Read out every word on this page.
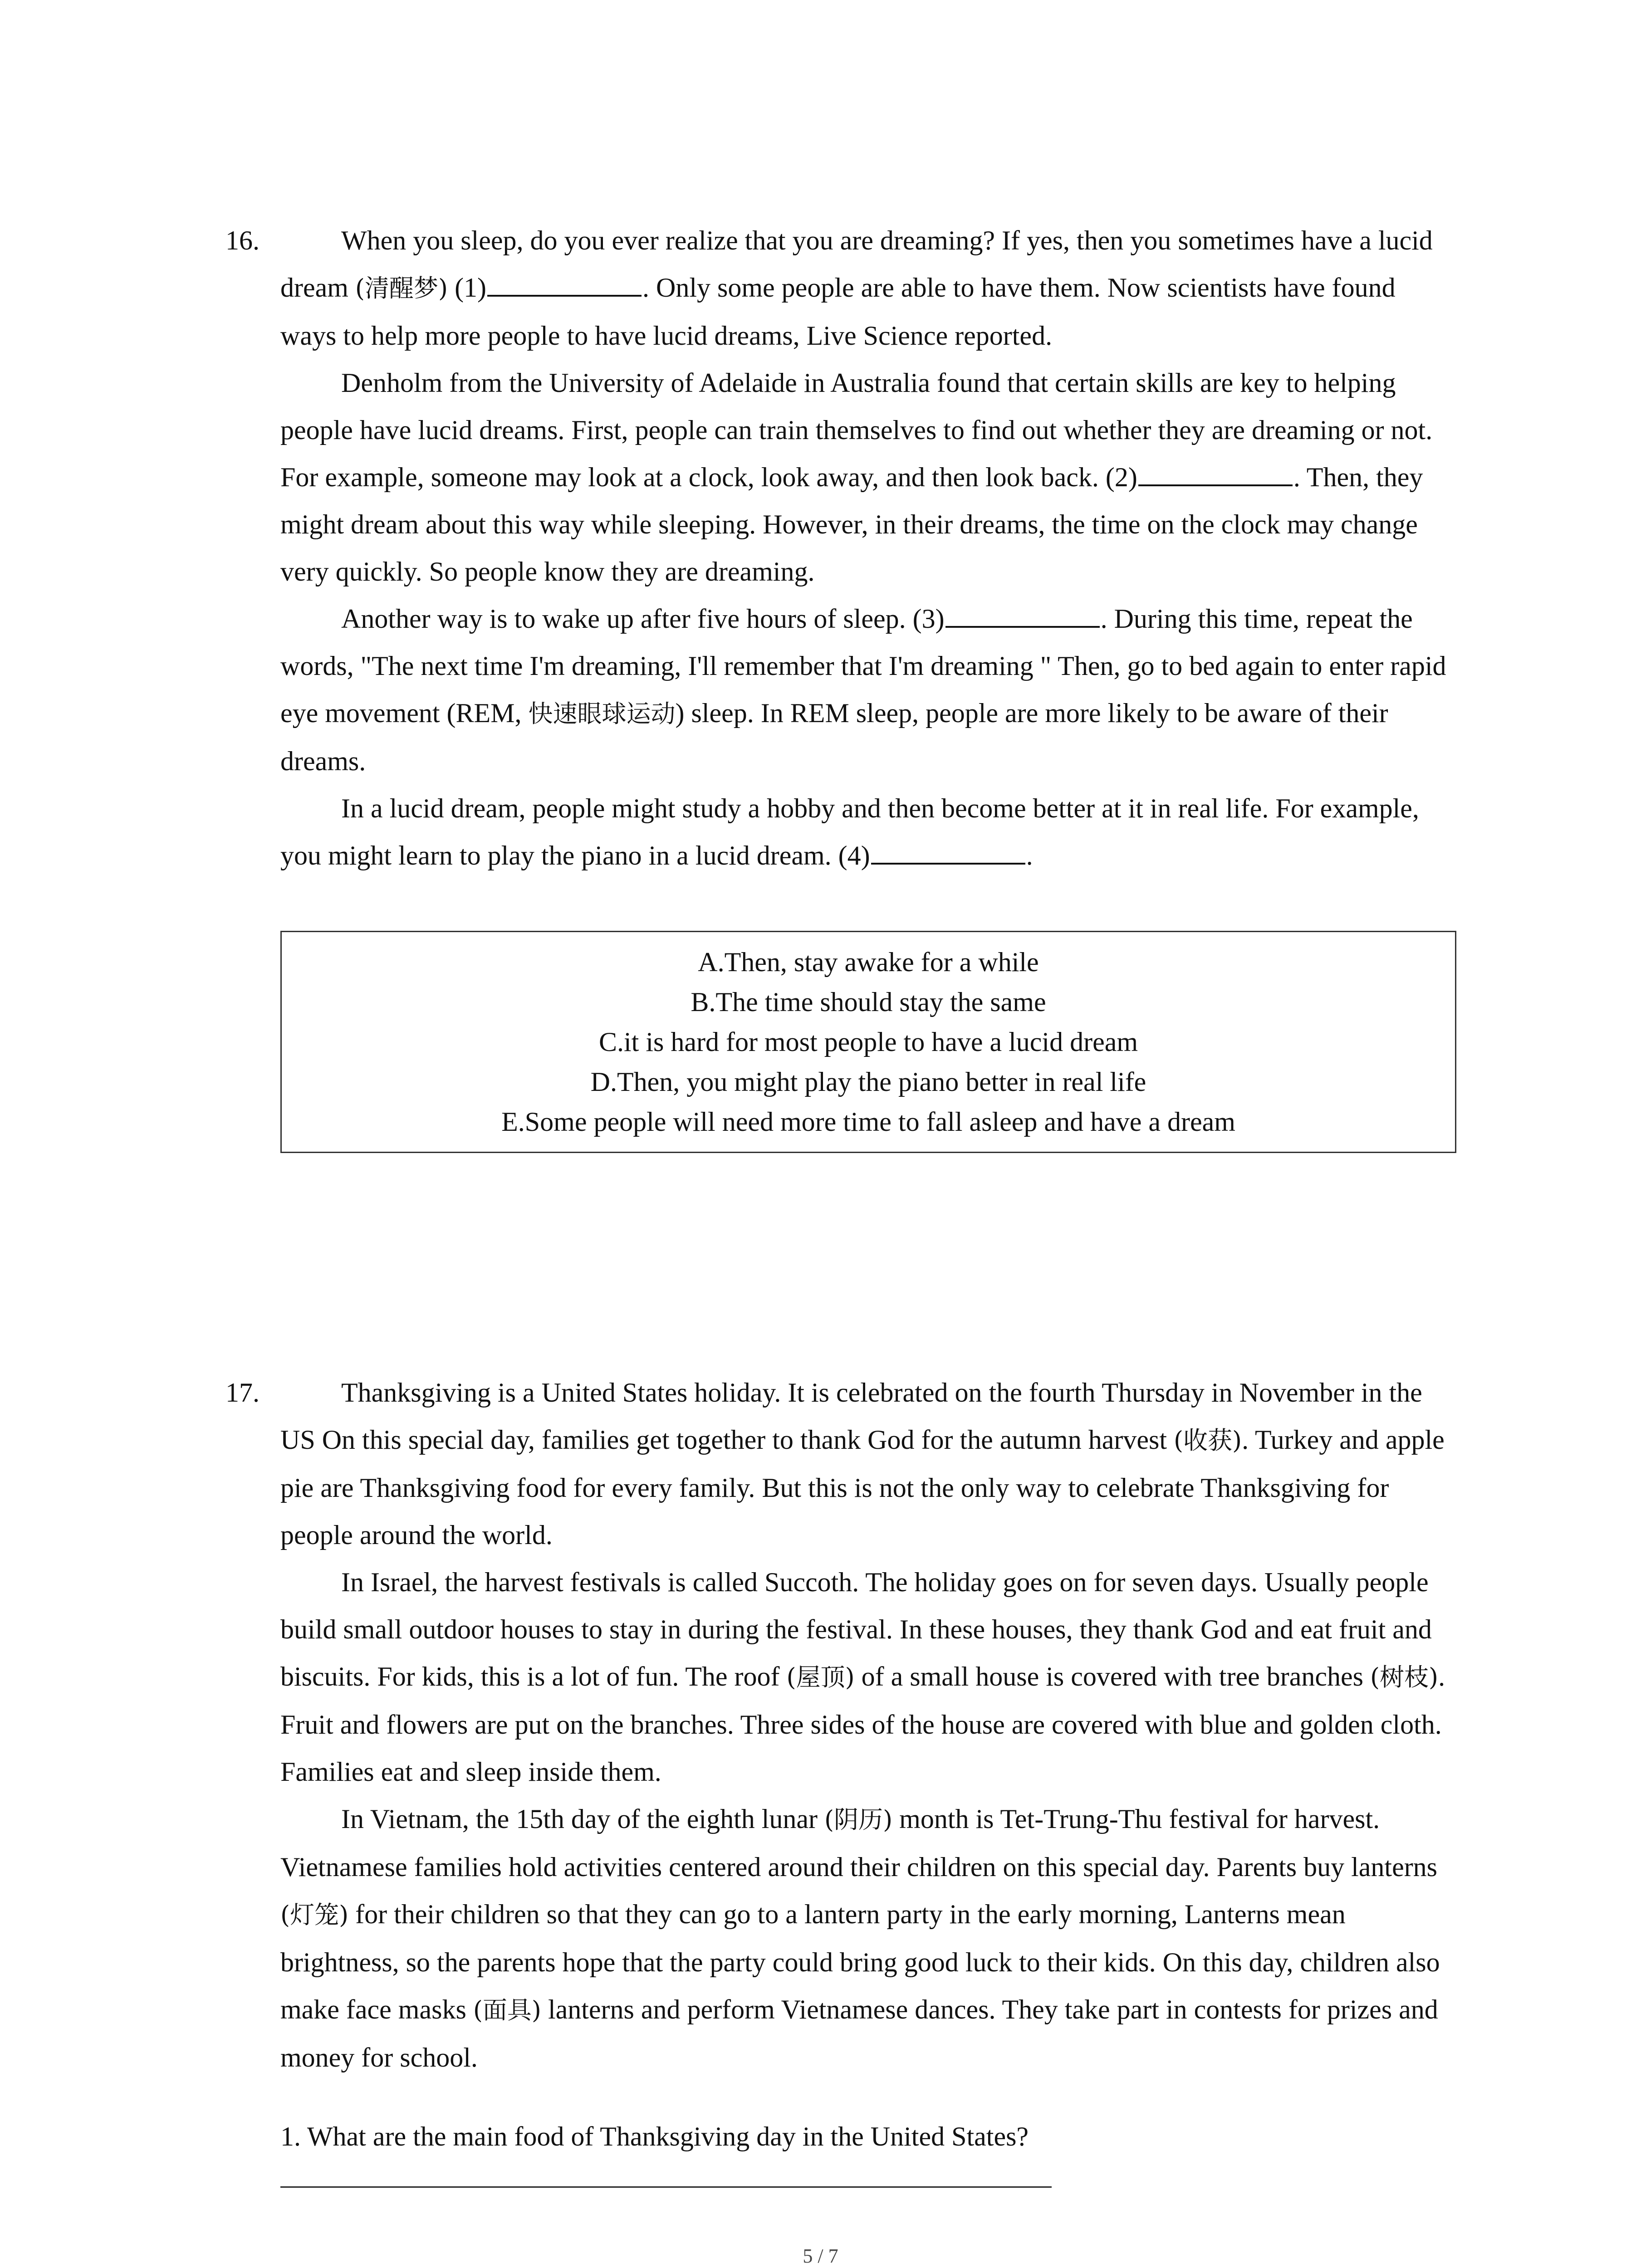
16.	When you sleep, do you ever realize that you are dreaming? If yes, then you sometimes have a lucid dream (清醒梦) (1)	. Only some people are able to have them. Now scientists have found ways to help more people to have lucid dreams, Live Science reported.

Denholm from the University of Adelaide in Australia found that certain skills are key to helping people have lucid dreams. First, people can train themselves to find out whether they are dreaming or not. For example, someone may look at a clock, look away, and then look back. (2)	. Then, they might dream about this way while sleeping. However, in their dreams, the time on the clock may change very quickly. So people know they are dreaming.

Another way is to wake up after five hours of sleep. (3)	. During this time, repeat the words, "The next time I'm dreaming, I'll remember that I'm dreaming " Then, go to bed again to enter rapid eye movement (REM, 快速眼球运动) sleep. In REM sleep, people are more likely to be aware of their dreams.

In a lucid dream, people might study a hobby and then become better at it in real life. For example, you might learn to play the piano in a lucid dream. (4)	.

A.Then, stay awake for a while
B.The time should stay the same
C.it is hard for most people to have a lucid dream
D.Then, you might play the piano better in real life
E.Some people will need more time to fall asleep and have a dream
17.	Thanksgiving is a United States holiday. It is celebrated on the fourth Thursday in November in the US On this special day, families get together to thank God for the autumn harvest (收获). Turkey and apple pie are Thanksgiving food for every family. But this is not the only way to celebrate Thanksgiving for people around the world.

In Israel, the harvest festivals is called Succoth. The holiday goes on for seven days. Usually people build small outdoor houses to stay in during the festival. In these houses, they thank God and eat fruit and biscuits. For kids, this is a lot of fun. The roof (屋顶) of a small house is covered with tree branches (树枝). Fruit and flowers are put on the branches. Three sides of the house are covered with blue and golden cloth. Families eat and sleep inside them.

In Vietnam, the 15th day of the eighth lunar (阴历) month is Tet-Trung-Thu festival for harvest. Vietnamese families hold activities centered around their children on this special day. Parents buy lanterns (灯笼) for their children so that they can go to a lantern party in the early morning, Lanterns mean brightness, so the parents hope that the party could bring good luck to their kids. On this day, children also make face masks (面具) lanterns and perform Vietnamese dances. They take part in contests for prizes and money for school.

1. What are the main food of Thanksgiving day in the United States?

5 / 7
